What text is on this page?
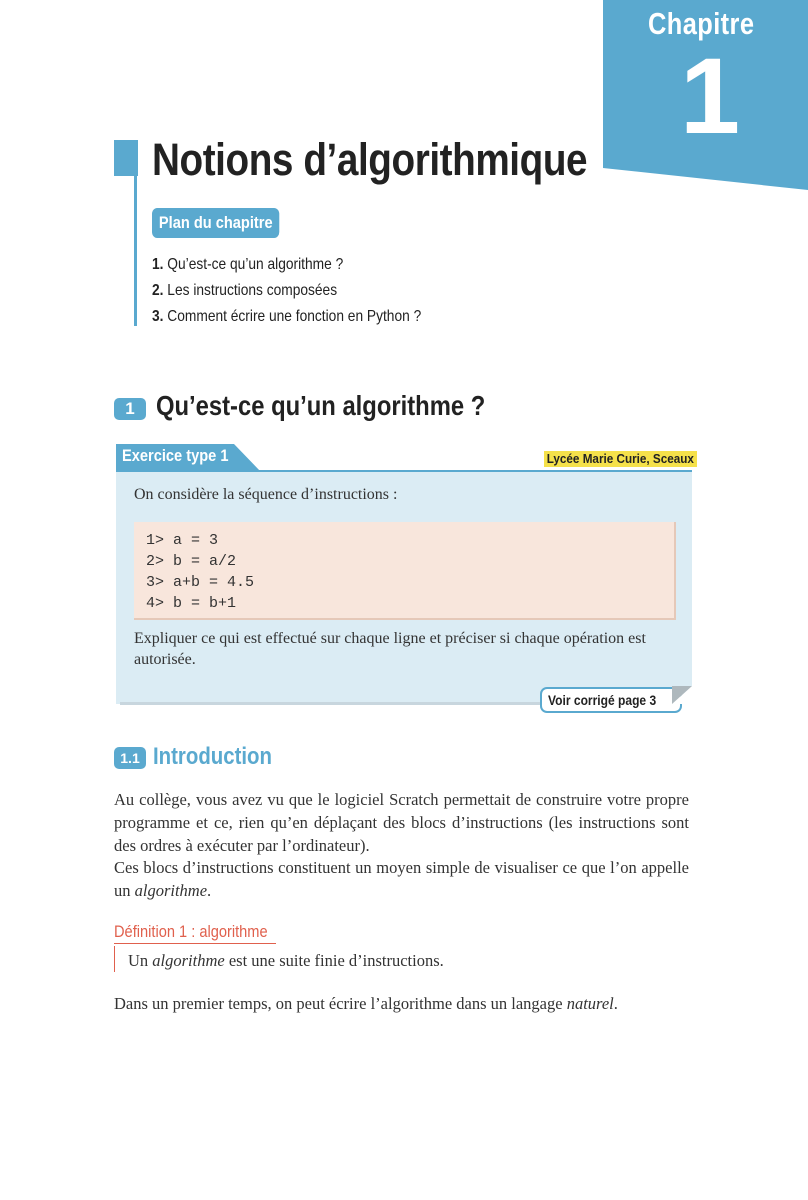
Chapitre
1
Notions d’algorithmique
Plan du chapitre
1. Qu’est-ce qu’un algorithme ?
2. Les instructions composées
3. Comment écrire une fonction en Python ?
1 Qu’est-ce qu’un algorithme ?
Exercice type 1	Lycée Marie Curie, Sceaux
On considère la séquence d’instructions :
1> a = 3
2> b = a/2
3> a+b = 4.5
4> b = b+1
Expliquer ce qui est effectué sur chaque ligne et préciser si chaque opération est autorisée.
Voir corrigé page 3
1.1 Introduction

Au collège, vous avez vu que le logiciel Scratch permettait de construire votre propre programme et ce, rien qu’en déplaçant des blocs d’instructions (les instructions sont des ordres à exécuter par l’ordinateur).

Ces blocs d’instructions constituent un moyen simple de visualiser ce que l’on appelle un algorithme.

Définition 1 : algorithme
Un algorithme est une suite finie d’instructions.

Dans un premier temps, on peut écrire l’algorithme dans un langage naturel.
